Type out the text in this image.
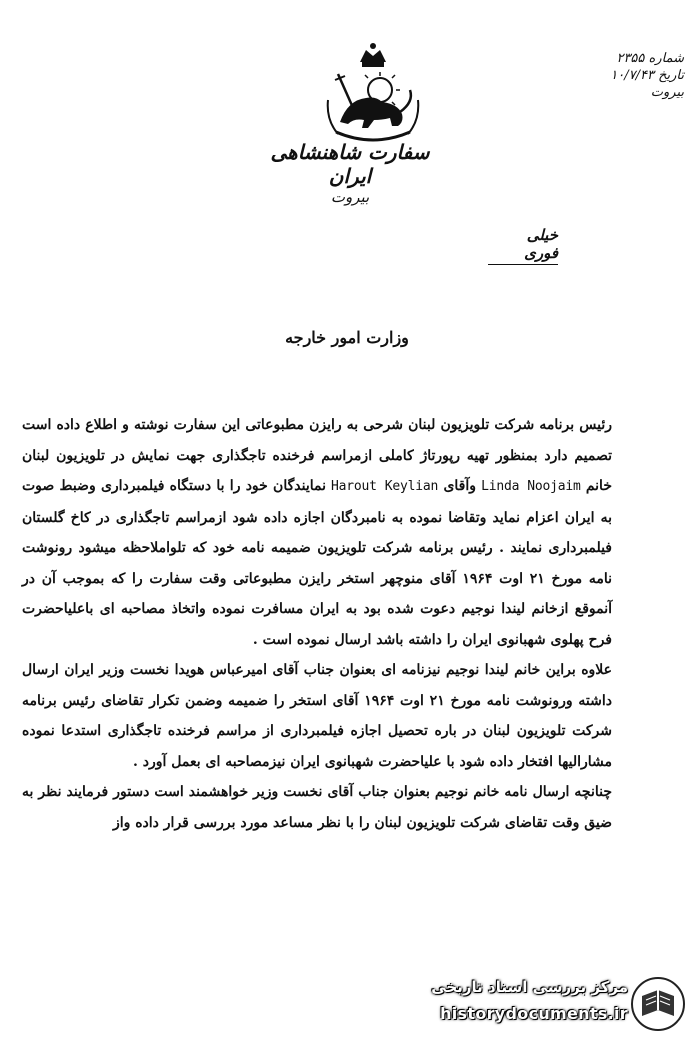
شماره ۲۳۵۵
تاریخ ۱۰/۷/۴۳
بیروت
سفارت شاهنشاهی ایران
بیروت
خیلی فوری
وزارت امور خارجه

رئیس برنامه شرکت تلویزیون لبنان شرحی به رایزن مطبوعاتی این سفارت نوشته و اطلاع داده است تصمیم دارد بمنظور تهیه رپورتاژ کاملی ازمراسم فرخنده تاجگذاری جهت نمایش در تلویزیون لبنان خانم Linda Noojaim وآقای Harout Keylian نمایندگان خود را با دستگاه فیلمبرداری وضبط صوت به ایران اعزام نماید وتقاضا نموده به نامبردگان اجازه داده شود ازمراسم تاجگذاری در کاخ گلستان فیلمبرداری نمایند . رئیس برنامه شرکت تلویزیون ضمیمه نامه خود که تلواملاحظه میشود رونوشت نامه مورخ ۲۱ اوت ۱۹۶۴ آقای منوچهر استخر رایزن مطبوعاتی وقت سفارت را که بموجب آن در آنموقع ازخانم لیندا نوجیم دعوت شده بود به ایران مسافرت نموده واتخاذ مصاحبه ای باعلیاحضرت فرح پهلوی شهبانوی ایران را داشته باشد ارسال نموده است .

علاوه براین خانم لیندا نوجیم نیزنامه ای بعنوان جناب آقای امیرعباس هویدا نخست وزیر ایران ارسال داشته ورونوشت نامه مورخ ۲۱ اوت ۱۹۶۴ آقای استخر را ضمیمه وضمن تکرار تقاضای رئیس برنامه شرکت تلویزیون لبنان در باره تحصیل اجازه فیلمبرداری از مراسم فرخنده تاجگذاری استدعا نموده مشارالیها افتخار داده شود با علیاحضرت شهبانوی ایران نیزمصاحبه ای بعمل آورد .

چنانچه ارسال نامه خانم نوجیم بعنوان جناب آقای نخست وزیر خواهشمند است دستور فرمایند نظر به ضیق وقت تقاضای شرکت تلویزیون لبنان را با نظر مساعد مورد بررسی قرار داده واز

مرکز بررسی اسناد تاریخی
historydocuments.ir
